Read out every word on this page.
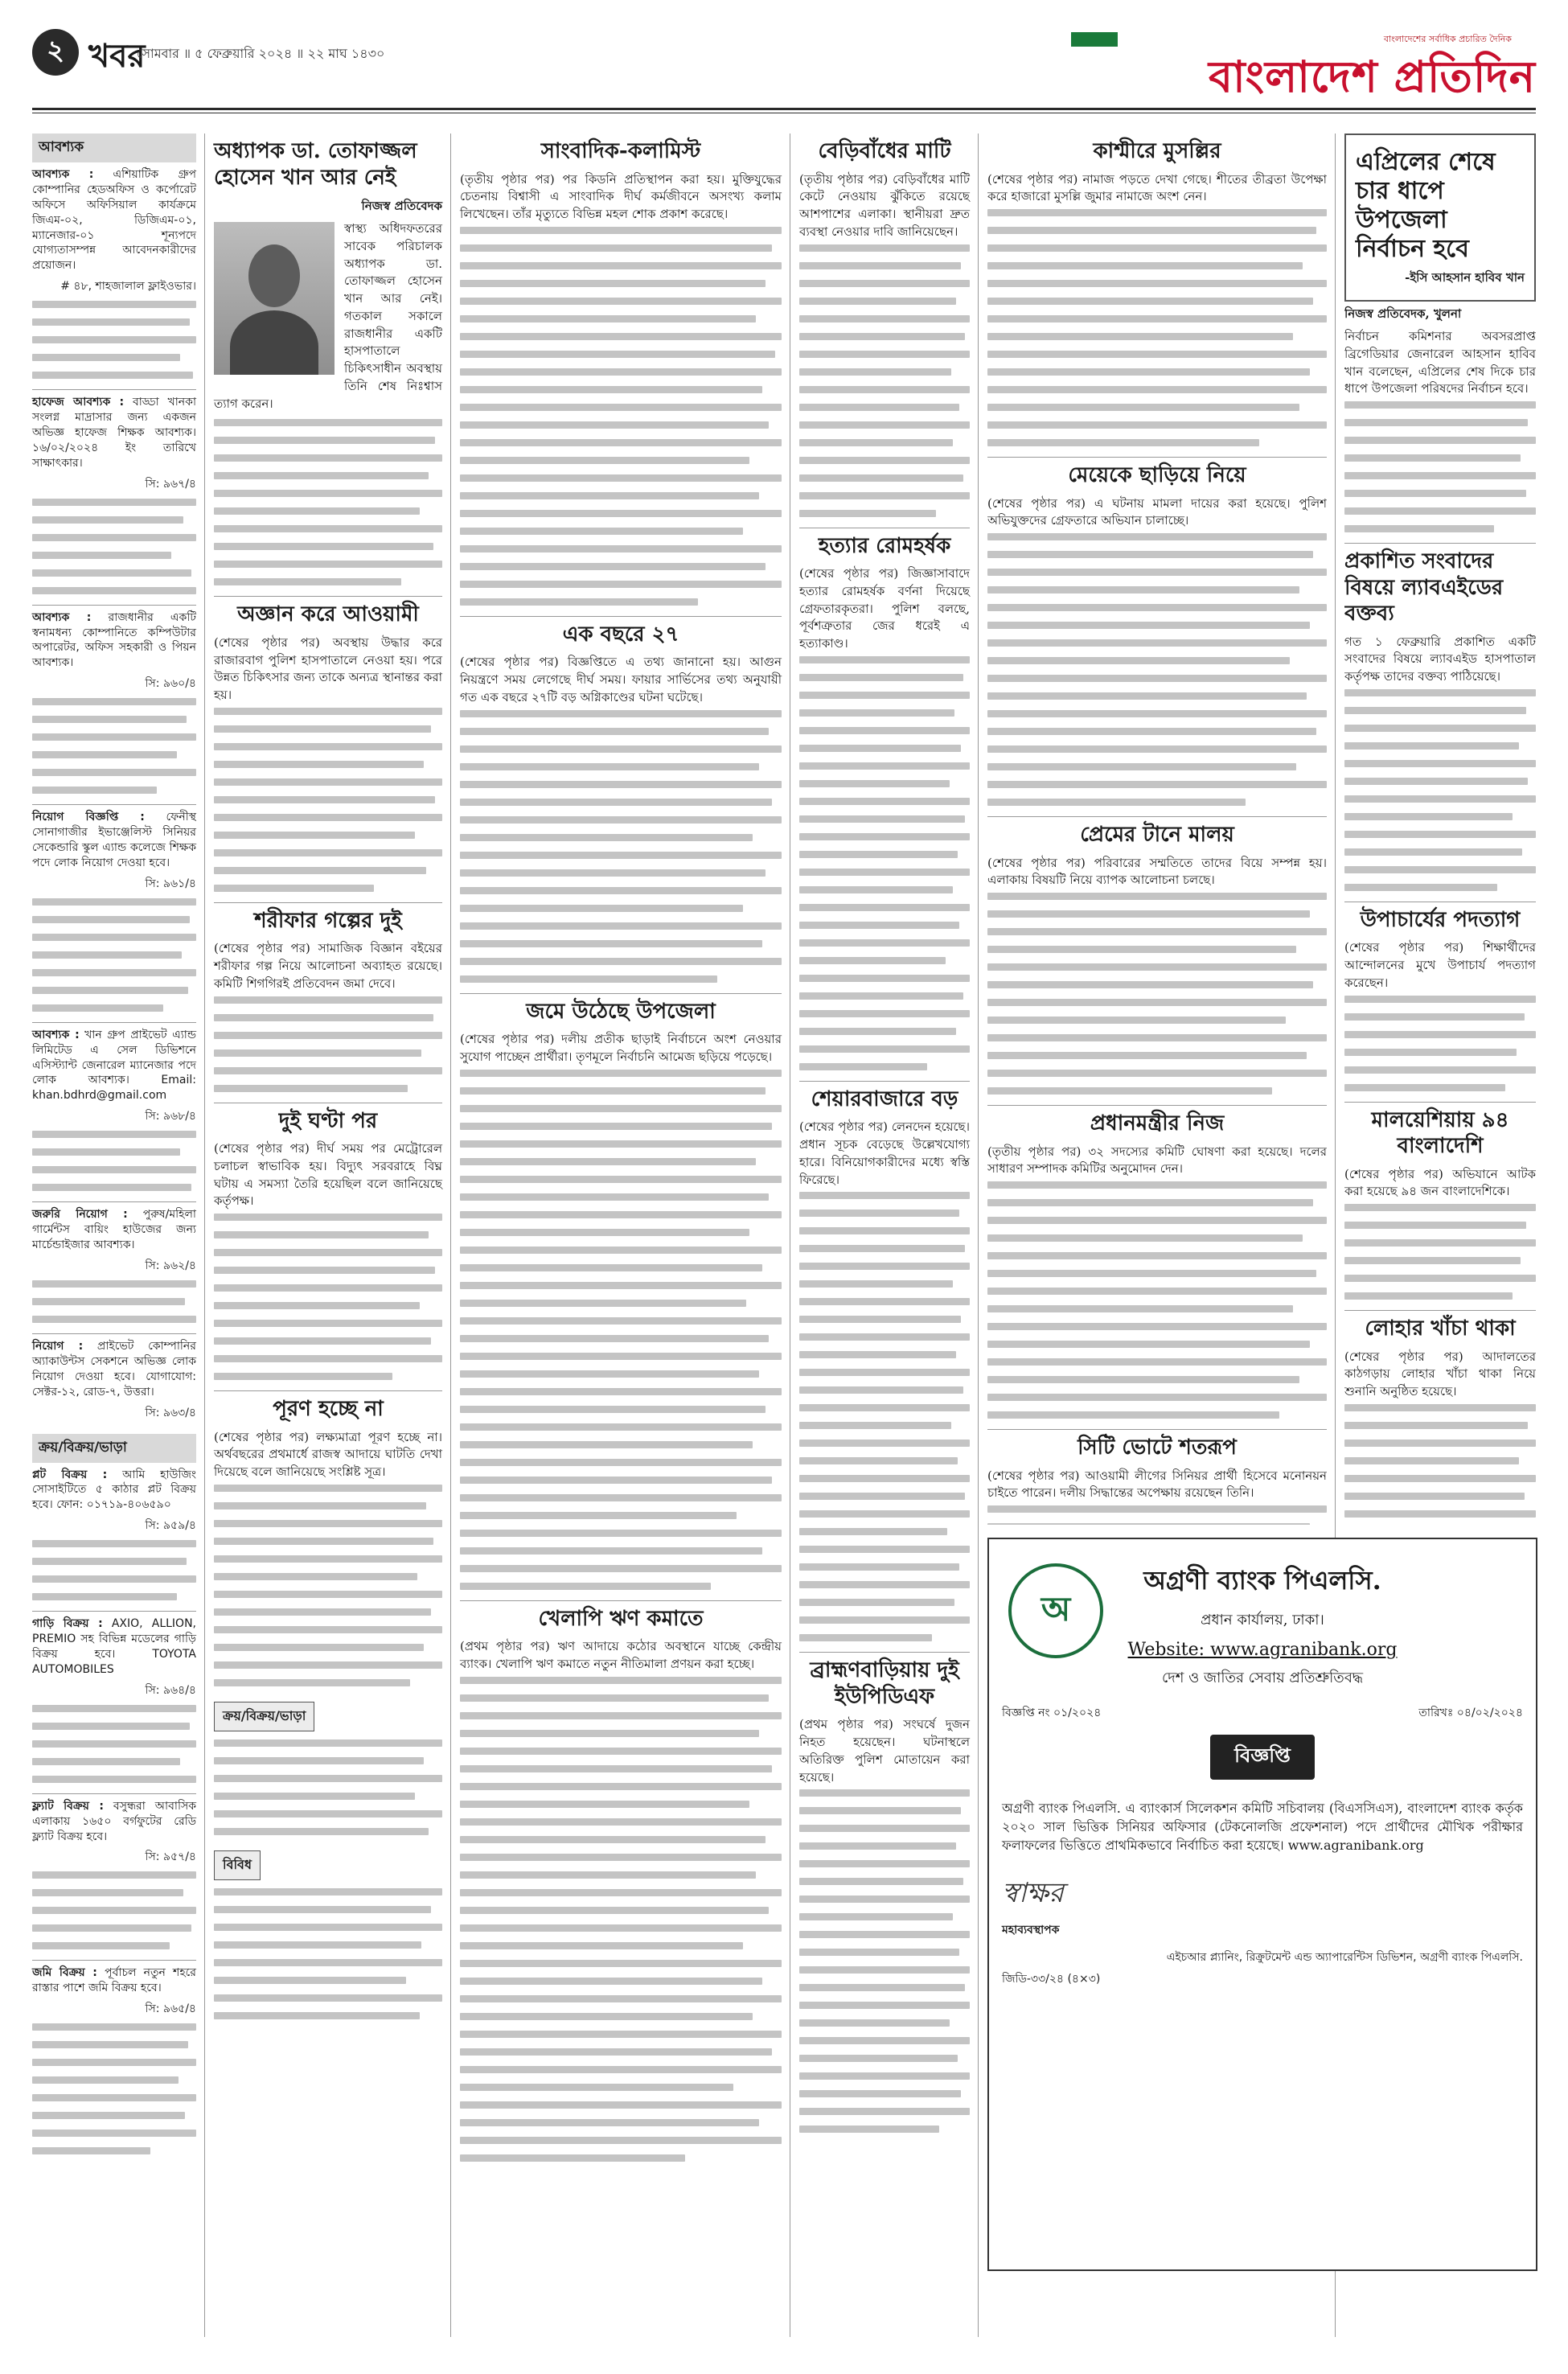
২ খবর
সোমবার ॥ ৫ ফেব্রুয়ারি ২০২৪ ॥ ২২ মাঘ ১৪৩০
বাংলাদেশের সর্বাধিক প্রচারিত দৈনিক
বাংলাদেশ প্রতিদিন
আবশ্যক
আবশ্যক : এশিয়াটিক গ্রুপ কোম্পানির হেডঅফিস ও কর্পোরেট অফিসে অফিসিয়াল কার্যক্রমে জিএম-০২, ডিজিএম-০১, ম্যানেজার-০১ শূন্যপদে যোগ্যতাসম্পন্ন আবেদনকারীদের প্রয়োজন।
# ৪৮, শাহজালাল ফ্লাইওভার।
হাফেজ আবশ্যক : বাড্ডা খানকা সংলগ্ন মাদ্রাসার জন্য একজন অভিজ্ঞ হাফেজ শিক্ষক আবশ্যক। ১৬/০২/২০২৪ ইং তারিখে সাক্ষাৎকার।
সি: ৯৬৭/৪
আবশ্যক : রাজধানীর একটি স্বনামধন্য কোম্পানিতে কম্পিউটার অপারেটর, অফিস সহকারী ও পিয়ন আবশ্যক।
সি: ৯৬০/৪
নিয়োগ বিজ্ঞপ্তি : ফেনীস্থ সোনাগাজীর ইভাঞ্জেলিস্ট সিনিয়র সেকেন্ডারি স্কুল এ্যান্ড কলেজে শিক্ষক পদে লোক নিয়োগ দেওয়া হবে।
সি: ৯৬১/৪
আবশ্যক : খান গ্রুপ প্রাইভেট এ্যান্ড লিমিটেড এ সেল ডিভিশনে এসিস্ট্যান্ট জেনারেল ম্যানেজার পদে লোক আবশ্যক। Email: khan.bdhrd@gmail.com
সি: ৯৬৮/৪
জরুরি নিয়োগ : পুরুষ/মহিলা গার্মেন্টস বায়িং হাউজের জন্য মার্চেন্ডাইজার আবশ্যক।
সি: ৯৬২/৪
নিয়োগ : প্রাইভেট কোম্পানির অ্যাকাউন্টস সেকশনে অভিজ্ঞ লোক নিয়োগ দেওয়া হবে। যোগাযোগ: সেক্টর-১২, রোড-৭, উত্তরা।
সি: ৯৬৩/৪
ক্রয়/বিক্রয়/ভাড়া
প্লট বিক্রয় : আমি হাউজিং সোসাইটিতে ৫ কাঠার প্লট বিক্রয় হবে। ফোন: ০১৭১৯-৪০৬৫৯০
সি: ৯৫৯/৪
গাড়ি বিক্রয় : AXIO, ALLION, PREMIO সহ বিভিন্ন মডেলের গাড়ি বিক্রয় হবে। TOYOTA AUTOMOBILES
সি: ৯৬৪/৪
ফ্ল্যাট বিক্রয় : বসুন্ধরা আবাসিক এলাকায় ১৬৫০ বর্গফুটের রেডি ফ্ল্যাট বিক্রয় হবে।
সি: ৯৫৭/৪
জমি বিক্রয় : পূর্বাচল নতুন শহরে রাস্তার পাশে জমি বিক্রয় হবে।
সি: ৯৬৫/৪
অধ্যাপক ডা. তোফাজ্জল হোসেন খান আর নেই
নিজস্ব প্রতিবেদক

স্বাস্থ্য অধিদফতরের সাবেক পরিচালক অধ্যাপক ডা. তোফাজ্জল হোসেন খান আর নেই। গতকাল সকালে রাজধানীর একটি হাসপাতালে চিকিৎসাধীন অবস্থায় তিনি শেষ নিঃশ্বাস ত্যাগ করেন।

অজ্ঞান করে আওয়ামী

(শেষের পৃষ্ঠার পর) অবস্থায় উদ্ধার করে রাজারবাগ পুলিশ হাসপাতালে নেওয়া হয়। পরে উন্নত চিকিৎসার জন্য তাকে অন্যত্র স্থানান্তর করা হয়।

শরীফার গল্পের দুই

(শেষের পৃষ্ঠার পর) সামাজিক বিজ্ঞান বইয়ের শরীফার গল্প নিয়ে আলোচনা অব্যাহত রয়েছে। কমিটি শিগগিরই প্রতিবেদন জমা দেবে।

দুই ঘণ্টা পর

(শেষের পৃষ্ঠার পর) দীর্ঘ সময় পর মেট্রোরেল চলাচল স্বাভাবিক হয়। বিদ্যুৎ সরবরাহে বিঘ্ন ঘটায় এ সমস্যা তৈরি হয়েছিল বলে জানিয়েছে কর্তৃপক্ষ।

পূরণ হচ্ছে না

(শেষের পৃষ্ঠার পর) লক্ষ্যমাত্রা পূরণ হচ্ছে না। অর্থবছরের প্রথমার্ধে রাজস্ব আদায়ে ঘাটতি দেখা দিয়েছে বলে জানিয়েছে সংশ্লিষ্ট সূত্র।

ক্রয়/বিক্রয়/ভাড়া
বিবিধ
সাংবাদিক-কলামিস্ট

(তৃতীয় পৃষ্ঠার পর) পর কিডনি প্রতিস্থাপন করা হয়। মুক্তিযুদ্ধের চেতনায় বিশ্বাসী এ সাংবাদিক দীর্ঘ কর্মজীবনে অসংখ্য কলাম লিখেছেন। তাঁর মৃত্যুতে বিভিন্ন মহল শোক প্রকাশ করেছে।

এক বছরে ২৭

(শেষের পৃষ্ঠার পর) বিজ্ঞপ্তিতে এ তথ্য জানানো হয়। আগুন নিয়ন্ত্রণে সময় লেগেছে দীর্ঘ সময়। ফায়ার সার্ভিসের তথ্য অনুযায়ী গত এক বছরে ২৭টি বড় অগ্নিকাণ্ডের ঘটনা ঘটেছে।

জমে উঠেছে উপজেলা

(শেষের পৃষ্ঠার পর) দলীয় প্রতীক ছাড়াই নির্বাচনে অংশ নেওয়ার সুযোগ পাচ্ছেন প্রার্থীরা। তৃণমূলে নির্বাচনি আমেজ ছড়িয়ে পড়েছে।

খেলাপি ঋণ কমাতে

(প্রথম পৃষ্ঠার পর) ঋণ আদায়ে কঠোর অবস্থানে যাচ্ছে কেন্দ্রীয় ব্যাংক। খেলাপি ঋণ কমাতে নতুন নীতিমালা প্রণয়ন করা হচ্ছে।

বেড়িবাঁধের মাটি

(তৃতীয় পৃষ্ঠার পর) বেড়িবাঁধের মাটি কেটে নেওয়ায় ঝুঁকিতে রয়েছে আশপাশের এলাকা। স্থানীয়রা দ্রুত ব্যবস্থা নেওয়ার দাবি জানিয়েছেন।

হত্যার রোমহর্ষক

(শেষের পৃষ্ঠার পর) জিজ্ঞাসাবাদে হত্যার রোমহর্ষক বর্ণনা দিয়েছে গ্রেফতারকৃতরা। পুলিশ বলছে, পূর্বশত্রুতার জের ধরেই এ হত্যাকাণ্ড।

শেয়ারবাজারে বড়

(শেষের পৃষ্ঠার পর) লেনদেন হয়েছে। প্রধান সূচক বেড়েছে উল্লেখযোগ্য হারে। বিনিয়োগকারীদের মধ্যে স্বস্তি ফিরেছে।

ব্রাহ্মণবাড়িয়ায় দুই ইউপিডিএফ

(প্রথম পৃষ্ঠার পর) সংঘর্ষে দুজন নিহত হয়েছেন। ঘটনাস্থলে অতিরিক্ত পুলিশ মোতায়েন করা হয়েছে।

কাশ্মীরে মুসল্লির

(শেষের পৃষ্ঠার পর) নামাজ পড়তে দেখা গেছে। শীতের তীব্রতা উপেক্ষা করে হাজারো মুসল্লি জুমার নামাজে অংশ নেন।

মেয়েকে ছাড়িয়ে নিয়ে

(শেষের পৃষ্ঠার পর) এ ঘটনায় মামলা দায়ের করা হয়েছে। পুলিশ অভিযুক্তদের গ্রেফতারে অভিযান চালাচ্ছে।

প্রেমের টানে মালয়

(শেষের পৃষ্ঠার পর) পরিবারের সম্মতিতে তাদের বিয়ে সম্পন্ন হয়। এলাকায় বিষয়টি নিয়ে ব্যাপক আলোচনা চলছে।

প্রধানমন্ত্রীর নিজ

(তৃতীয় পৃষ্ঠার পর) ৩২ সদস্যের কমিটি ঘোষণা করা হয়েছে। দলের সাধারণ সম্পাদক কমিটির অনুমোদন দেন।

সিটি ভোটে শতরূপ

(শেষের পৃষ্ঠার পর) আওয়ামী লীগের সিনিয়র প্রার্থী হিসেবে মনোনয়ন চাইতে পারেন। দলীয় সিদ্ধান্তের অপেক্ষায় রয়েছেন তিনি।

এপ্রিলের শেষে চার ধাপে উপজেলা নির্বাচন হবে
-ইসি আহসান হাবিব খান
নিজস্ব প্রতিবেদক, খুলনা

নির্বাচন কমিশনার অবসরপ্রাপ্ত ব্রিগেডিয়ার জেনারেল আহসান হাবিব খান বলেছেন, এপ্রিলের শেষ দিকে চার ধাপে উপজেলা পরিষদের নির্বাচন হবে।

প্রকাশিত সংবাদের বিষয়ে ল্যাবএইডের বক্তব্য

গত ১ ফেব্রুয়ারি প্রকাশিত একটি সংবাদের বিষয়ে ল্যাবএইড হাসপাতাল কর্তৃপক্ষ তাদের বক্তব্য পাঠিয়েছে।

উপাচার্যের পদত্যাগ

(শেষের পৃষ্ঠার পর) শিক্ষার্থীদের আন্দোলনের মুখে উপাচার্য পদত্যাগ করেছেন।

মালয়েশিয়ায় ৯৪ বাংলাদেশি

(শেষের পৃষ্ঠার পর) অভিযানে আটক করা হয়েছে ৯৪ জন বাংলাদেশিকে।

লোহার খাঁচা থাকা

(শেষের পৃষ্ঠার পর) আদালতের কাঠগড়ায় লোহার খাঁচা থাকা নিয়ে শুনানি অনুষ্ঠিত হয়েছে।

অ
অগ্রণী ব্যাংক পিএলসি.
প্রধান কার্যালয়, ঢাকা।
Website: www.agranibank.org
দেশ ও জাতির সেবায় প্রতিশ্রুতিবদ্ধ
বিজ্ঞপ্তি নং ০১/২০২৪	তারিখঃ ০৪/০২/২০২৪
বিজ্ঞপ্তি

অগ্রণী ব্যাংক পিএলসি. এ ব্যাংকার্স সিলেকশন কমিটি সচিবালয় (বিএসসিএস), বাংলাদেশ ব্যাংক কর্তৃক ২০২০ সাল ভিত্তিক সিনিয়র অফিসার (টেকনোলজি প্রফেশনাল) পদে প্রার্থীদের মৌখিক পরীক্ষার ফলাফলের ভিত্তিতে প্রাথমিকভাবে নির্বাচিত করা হয়েছে। www.agranibank.org

স্বাক্ষর
মহাব্যবস্থাপক
এইচআর প্ল্যানিং, রিক্রুটমেন্ট এন্ড অ্যাপারেন্টিস ডিভিশন, অগ্রণী ব্যাংক পিএলসি.
জিডি-৩৩/২৪ (৪×৩)
